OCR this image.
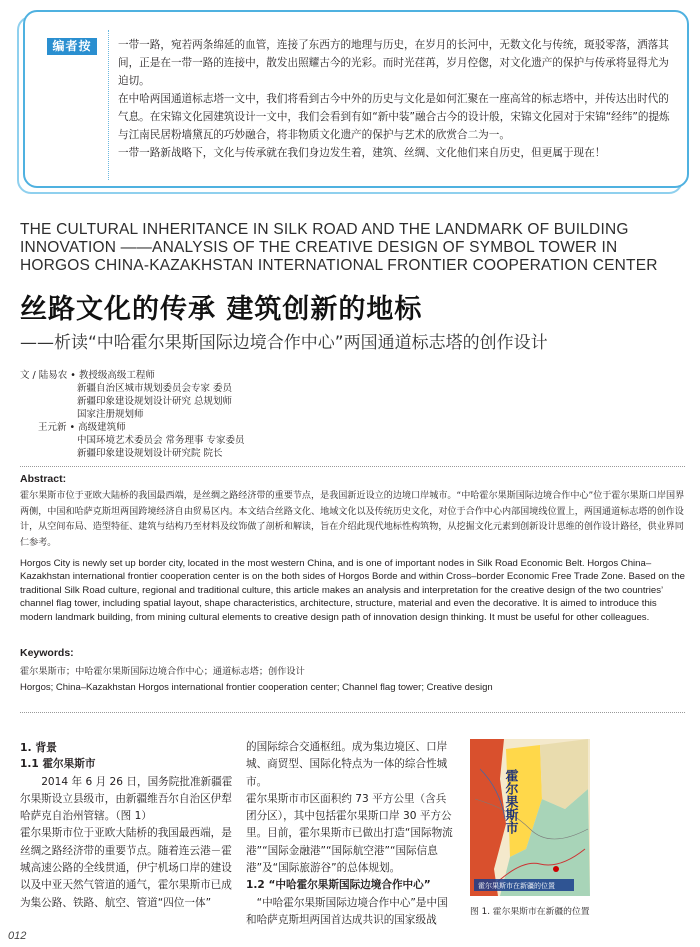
编者按	一带一路，宛若两条绵延的血管，连接了东西方的地理与历史，在岁月的长河中，无数文化与传统，斑驳零落，洒落其间，正是在一带一路的连接中，散发出照耀古今的光彩。而时光荏苒，岁月倥偬，对文化遗产的保护与传承将显得尤为迫切。

在中哈两国通道标志塔一文中，我们将看到古今中外的历史与文化是如何汇聚在一座高耸的标志塔中，并传达出时代的气息。在宋锦文化园建筑设计一文中，我们会看到有如“新中装”融合古今的设计般，宋锦文化园对于宋锦“经纬”的提炼与江南民居粉墙黛瓦的巧妙融合，将非物质文化遗产的保护与艺术的欣赏合二为一。

一带一路新战略下，文化与传承就在我们身边发生着，建筑、丝绸、文化他们来自历史，但更属于现在！

THE CULTURAL INHERITANCE IN SILK ROAD AND THE LANDMARK OF BUILDING INNOVATION ——ANALYSIS OF THE CREATIVE DESIGN OF SYMBOL TOWER IN HORGOS CHINA-KAZAKHSTAN INTERNATIONAL FRONTIER COOPERATION CENTER
丝路文化的传承 建筑创新的地标
——析读“中哈霍尔果斯国际边境合作中心”两国通道标志塔的创作设计
文 / 陆易农 • 教授级高级工程师
新疆自治区城市规划委员会专家 委员
新疆印象建设规划设计研究 总规划师
国家注册规划师
王元新 • 高级建筑师
中国环境艺术委员会 常务理事 专家委员
新疆印象建设规划设计研究院 院长
Abstract:
霍尔果斯市位于亚欧大陆桥的我国最西端，是丝绸之路经济带的重要节点，是我国新近设立的边境口岸城市。“中哈霍尔果斯国际边境合作中心”位于霍尔果斯口岸国界两侧，中国和哈萨克斯坦两国跨境经济自由贸易区内。本文结合丝路文化、地域文化以及传统历史文化，对位于合作中心内部国境线位置上，两国通道标志塔的创作设计，从空间布局、造型特征、建筑与结构乃至材料及纹饰做了剖析和解读，旨在介绍此现代地标性构筑物，从挖掘文化元素到创新设计思维的创作设计路径，供业界同仁参考。
Horgos City is newly set up border city, located in the most western China, and is one of important nodes in Silk Road Economic Belt. Horgos China–Kazakhstan international frontier cooperation center is on the both sides of Horgos Borde and within Cross–border Economic Free Trade Zone. Based on the traditional Silk Road culture, regional and traditional culture, this article makes an analysis and interpretation for the creative design of the two countries’ channel flag tower, including spatial layout, shape characteristics, architecture, structure, material and even the decorative. It is aimed to introduce this modern landmark building, from mining cultural elements to creative design path of innovation design thinking. It must be useful for other colleagues.
Keywords:
霍尔果斯市；中哈霍尔果斯国际边境合作中心；通道标志塔；创作设计
Horgos; China–Kazakhstan Horgos international frontier cooperation center; Channel flag tower; Creative design

1. 背景

1.1 霍尔果斯市

2014 年 6 月 26 日，国务院批准新疆霍尔果斯设立县级市，由新疆维吾尔自治区伊犁哈萨克自治州管辖。（图 1）

霍尔果斯市位于亚欧大陆桥的我国最西端，是丝绸之路经济带的重要节点。随着连云港－霍城高速公路的全线贯通，伊宁机场口岸的建设以及中亚天然气管道的通气，霍尔果斯市已成为集公路、铁路、航空、管道“四位一体”

的国际综合交通枢纽。成为集边境区、口岸城、商贸型、国际化特点为一体的综合性城市。

霍尔果斯市市区面积约 73 平方公里（含兵团分区），其中包括霍尔果斯口岸 30 平方公里。目前，霍尔果斯市已做出打造“国际物流港”“国际金融港”“国际航空港”“国际信息港”及“国际旅游谷”的总体规划。

1.2 “中哈霍尔果斯国际边境合作中心”

“中哈霍尔果斯国际边境合作中心”是中国和哈萨克斯坦两国首达成共识的国家级战

霍尔果斯市
霍尔果斯市在新疆的位置
图 1. 霍尔果斯市在新疆的位置
012
